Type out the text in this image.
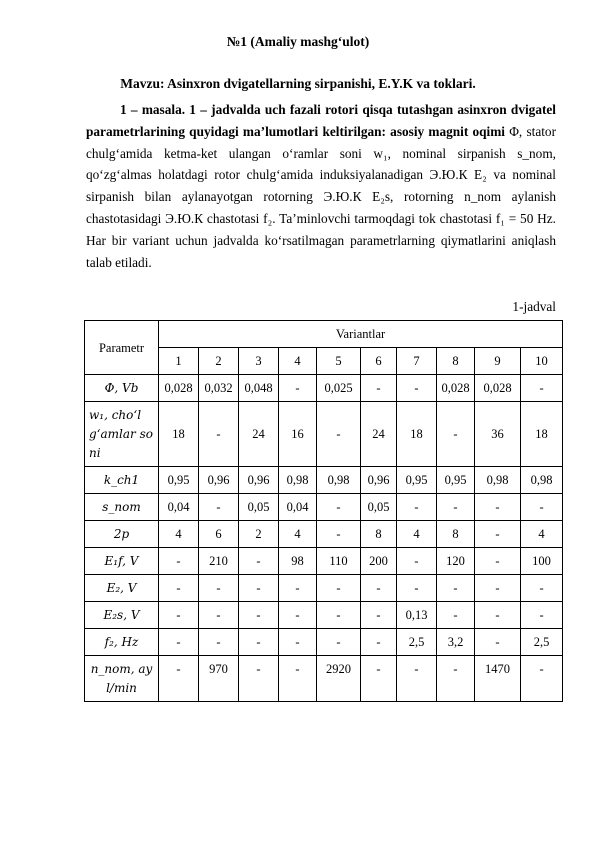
№1 (Amaliy mashg‘ulot)
Mavzu: Asinxron dvigatellarning sirpanishi, E.Y.K va toklari.

1 – masala. 1 – jadvalda uch fazali rotori qisqa tutashgan asinxron dvigatel parametrlarining quyidagi ma’lumotlari keltirilgan: asosiy magnit oqimi Φ, stator chulg‘amida ketma-ket ulangan o‘ramlar soni w₁, nominal sirpanish s_nom, qo‘zg‘almas holatdagi rotor chulg‘amida induksiyalanadigan Э.Ю.К E₂ va nominal sirpanish bilan aylanayotgan rotorning Э.Ю.К E₂s, rotorning n_nom aylanish chastotasidagi Э.Ю.К chastotasi f₂. Ta’minlovchi tarmoqdagi tok chastotasi f₁ = 50 Hz. Har bir variant uchun jadvalda ko‘rsatilmagan parametrlarning qiymatlarini aniqlash talab etiladi.

1-jadval
Parametr	Variantlar									
	1	2	3	4	5	6	7	8	9	10
Φ, Vb	0,028	0,032	0,048	-	0,025	-	-	0,028	0,028	-
w₁, cho‘lg‘amlar soni	18	-	24	16	-	24	18	-	36	18
k_ch1	0,95	0,96	0,96	0,98	0,98	0,96	0,95	0,95	0,98	0,98
s_nom	0,04	-	0,05	0,04	-	0,05	-	-	-	-
2p	4	6	2	4	-	8	4	8	-	4
E₁f, V	-	210	-	98	110	200	-	120	-	100
E₂, V	-	-	-	-	-	-	-	-	-	-
E₂s, V	-	-	-	-	-	-	0,13	-	-	-
f₂, Hz	-	-	-	-	-	-	2,5	3,2	-	2,5
n_nom, ayl/min	-	970	-	-	2920	-	-	-	1470	-
